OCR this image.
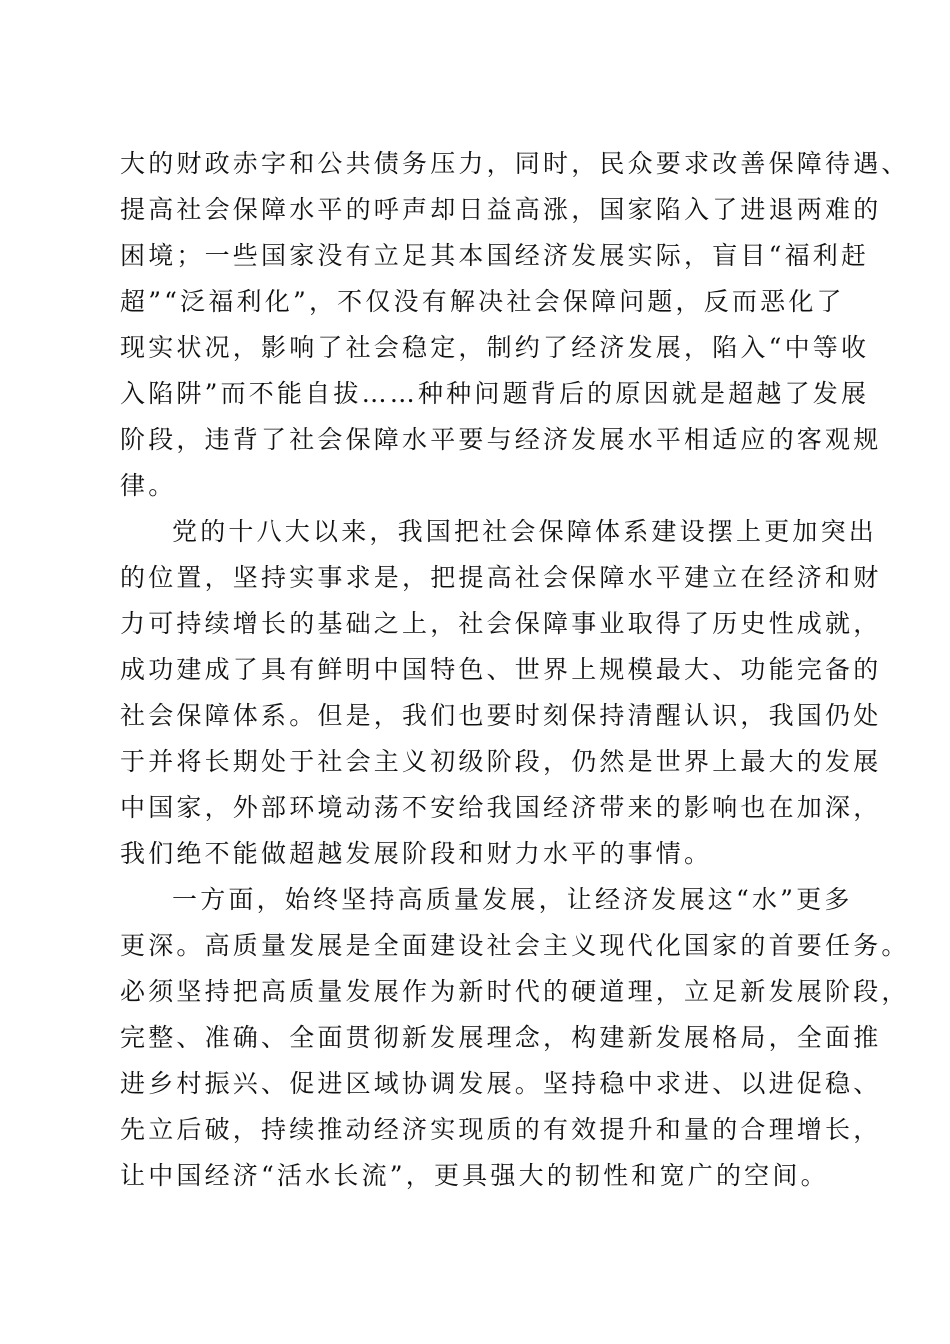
大的财政赤字和公共债务压力，同时，民众要求改善保障待遇、
提高社会保障水平的呼声却日益高涨，国家陷入了进退两难的
困境；一些国家没有立足其本国经济发展实际，盲目“福利赶
超”“泛福利化”，不仅没有解决社会保障问题，反而恶化了
现实状况，影响了社会稳定，制约了经济发展，陷入“中等收
入陷阱”而不能自拔……种种问题背后的原因就是超越了发展
阶段，违背了社会保障水平要与经济发展水平相适应的客观规
律。
党的十八大以来，我国把社会保障体系建设摆上更加突出
的位置，坚持实事求是，把提高社会保障水平建立在经济和财
力可持续增长的基础之上，社会保障事业取得了历史性成就，
成功建成了具有鲜明中国特色、世界上规模最大、功能完备的
社会保障体系。但是，我们也要时刻保持清醒认识，我国仍处
于并将长期处于社会主义初级阶段，仍然是世界上最大的发展
中国家，外部环境动荡不安给我国经济带来的影响也在加深，
我们绝不能做超越发展阶段和财力水平的事情。
一方面，始终坚持高质量发展，让经济发展这“水”更多
更深。高质量发展是全面建设社会主义现代化国家的首要任务。
必须坚持把高质量发展作为新时代的硬道理，立足新发展阶段，
完整、准确、全面贯彻新发展理念，构建新发展格局，全面推
进乡村振兴、促进区域协调发展。坚持稳中求进、以进促稳、
先立后破，持续推动经济实现质的有效提升和量的合理增长，
让中国经济“活水长流”，更具强大的韧性和宽广的空间。
